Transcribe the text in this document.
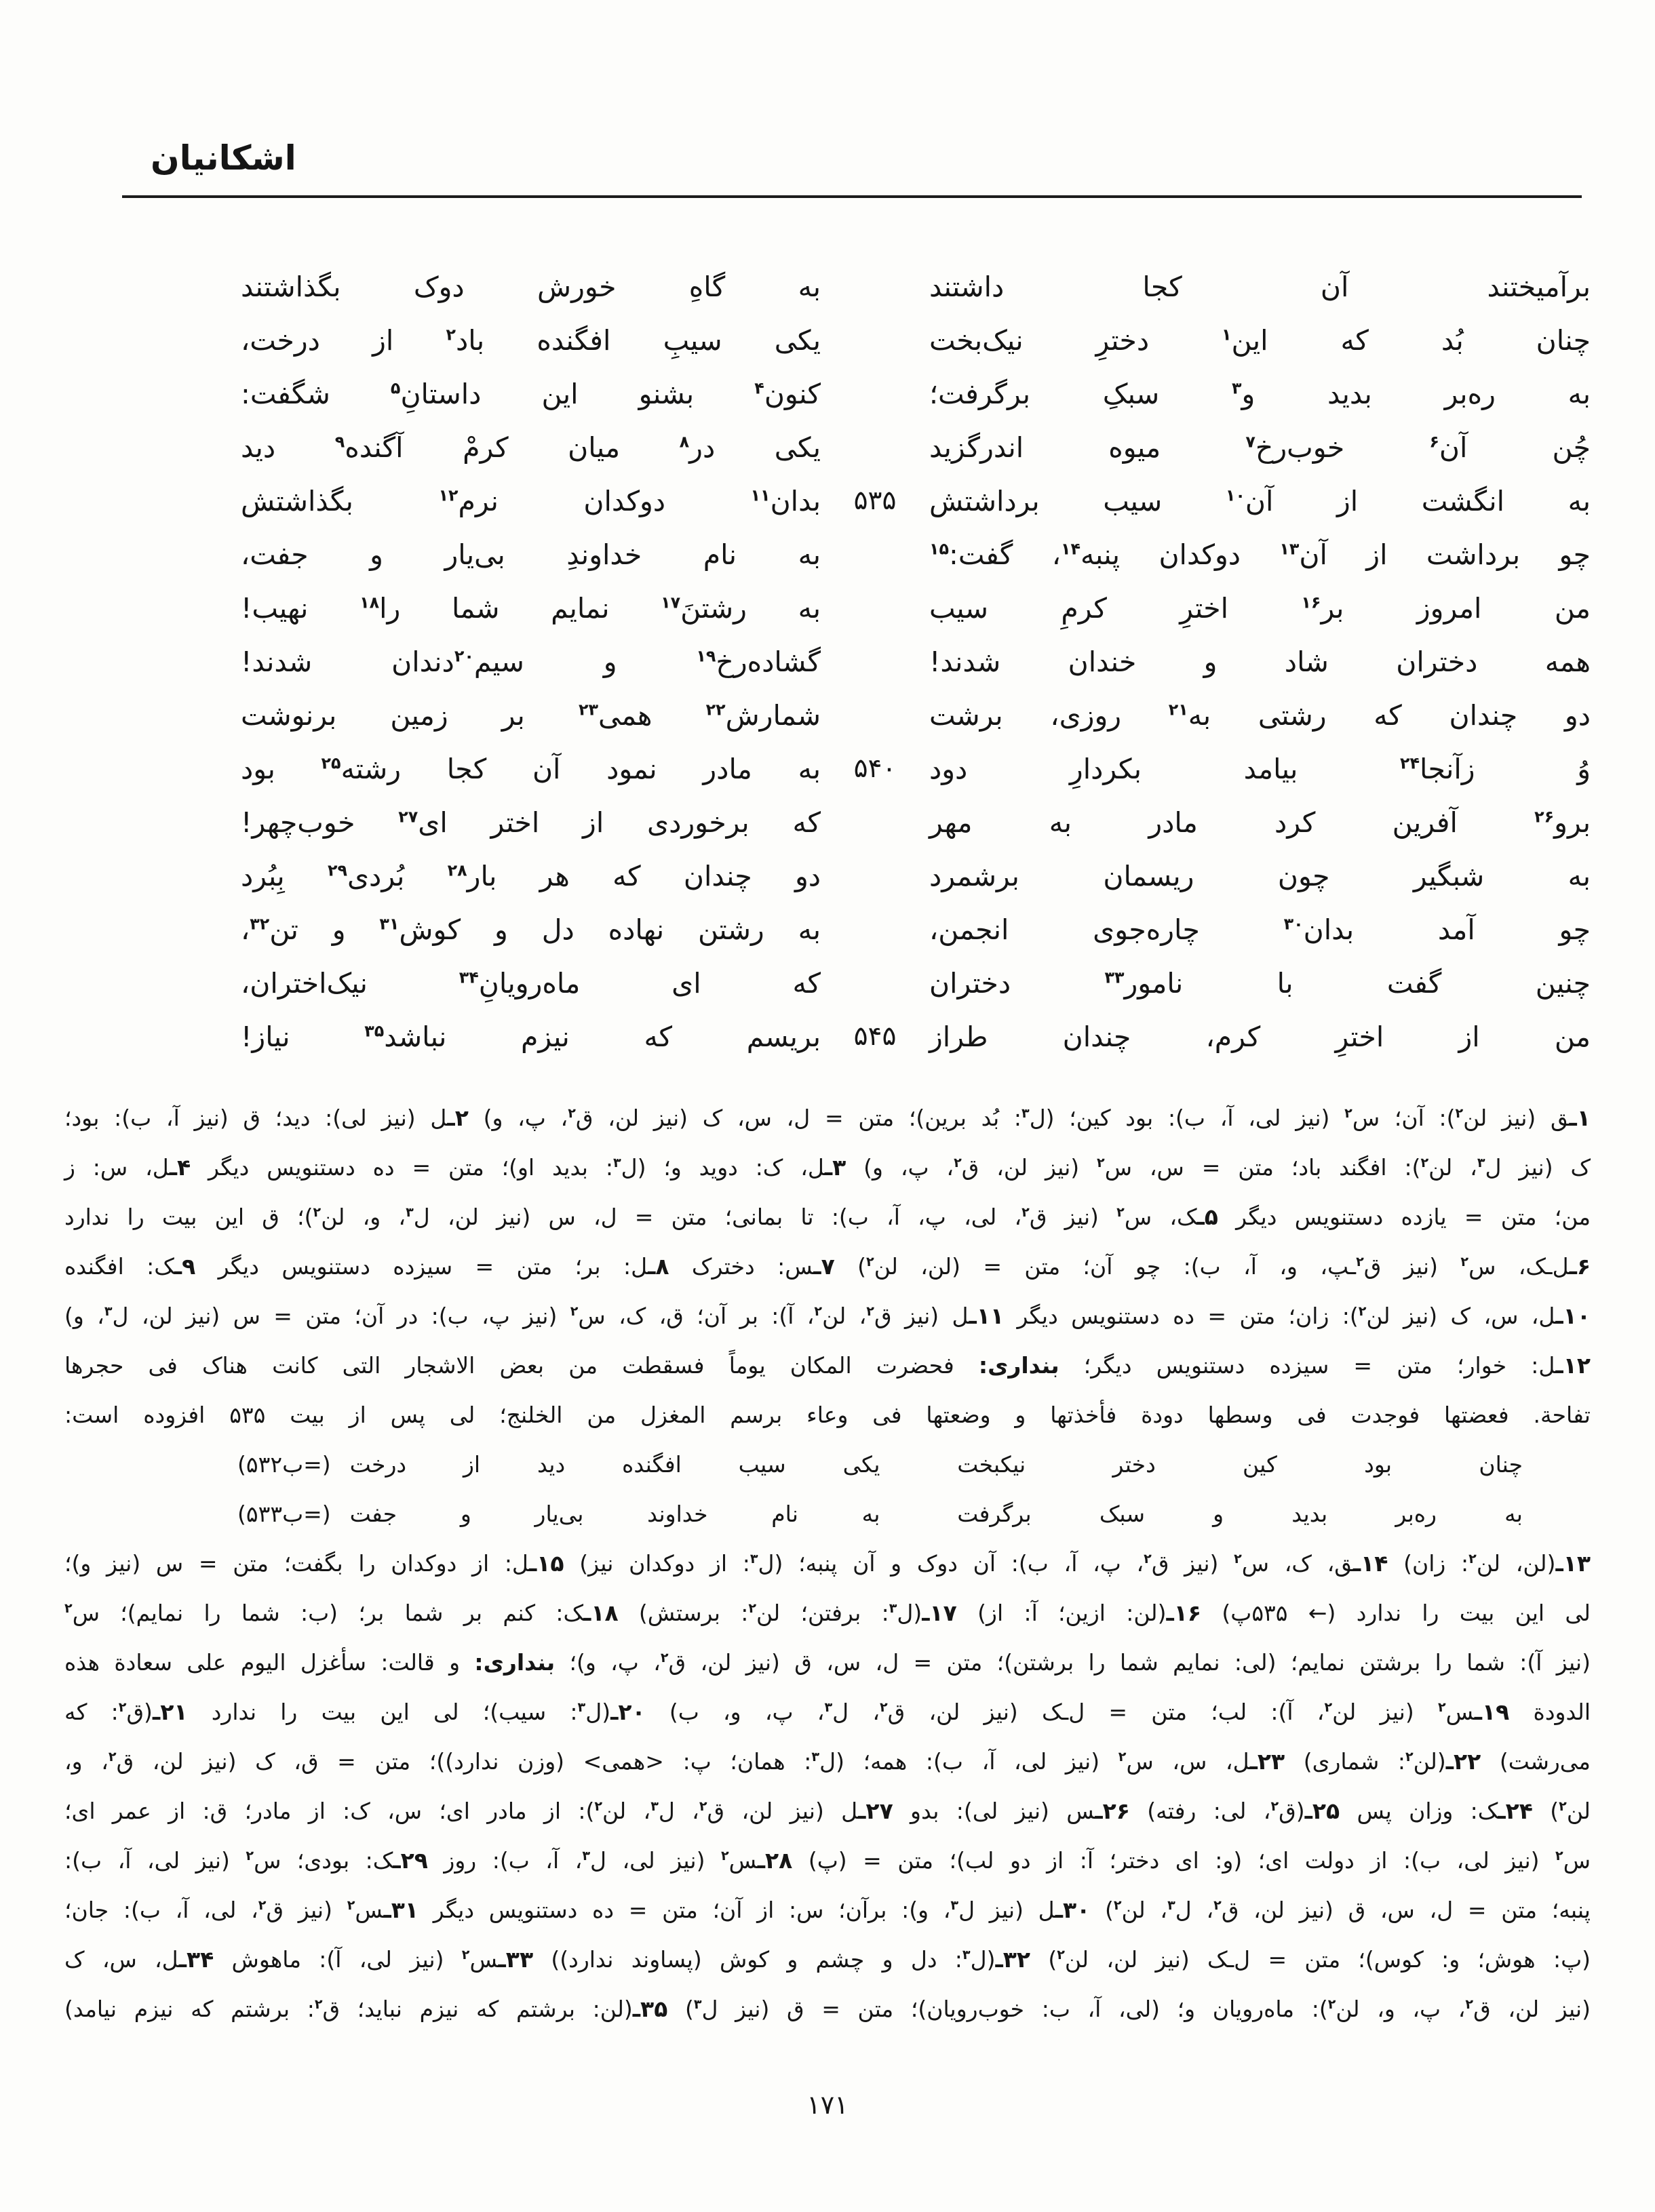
اشکانیان
برآمیختند آن کجا داشتند
به گاهِ خورش دوک بگذاشتند
چنان بُد که این$^۱$ دخترِ نیک‌بخت
یکی سیبِ افگنده باد$^۲$ از درخت،
به ره‌بر بدید و$^۳$ سبکِ برگرفت؛
کنون$^۴$ بشنو این داستانِ$^۵$ شگفت:
چُن آن$^۶$ خوب‌رخ$^۷$ میوه اندرگزید
یکی در$^۸$ میان کرمْ آگنده$^۹$ دید
به انگشت از آن$^{۱۰}$ سیب برداشتش
۵۳۵
بدان$^{۱۱}$ دوکدان نرم$^{۱۲}$ بگذاشتش
چو برداشت از آن$^{۱۳}$ دوکدان پنبه$^{۱۴}$، گفت:$^{۱۵}$
به نام خداوندِ بی‌یار و جفت،
من امروز بر$^{۱۶}$ اخترِ کرمِ سیب
به رشتنَ$^{۱۷}$ نمایم شما را$^{۱۸}$ نهیب!
همه دختران شاد و خندان شدند!
گشاده‌رخ$^{۱۹}$ و سیم$^{۲۰}$دندان شدند!
دو چندان که رشتی به$^{۲۱}$ روزی، برشت
شمارش$^{۲۲}$ همی$^{۲۳}$ بر زمین برنوشت
وُ زآنجا$^{۲۴}$ بیامد بکردارِ دود
۵۴۰
به مادر نمود آن کجا رشته$^{۲۵}$ بود
برو$^{۲۶}$ آفرین کرد مادر به مهر
که برخوردی از اختر ای$^{۲۷}$ خوب‌چهر!
به شبگیر چون ریسمان برشمرد
دو چندان که هر بار$^{۲۸}$ بُردی$^{۲۹}$ بِبُرد
چو آمد بدان$^{۳۰}$ چاره‌جوی انجمن،
به رشتن نهاده دل و کوش$^{۳۱}$ و تن$^{۳۲}$،
چنین گفت با نامور$^{۳۳}$ دختران
که ای ماه‌رویانِ$^{۳۴}$ نیک‌اختران،
من از اخترِ کرم، چندان طراز
۵۴۵
بریسم که نیزم نباشد$^{۳۵}$ نیاز!
۱ـق (نیز لن$^۲$): آن؛ س$^۲$ (نیز لی، آ، ب): بود کین؛ (ل$^۳$: بُد برین)؛ متن = ل، س، ک (نیز لن، ق$^۲$، پ، و) ۲ـل (نیز لی): دید؛ ق (نیز آ، ب): بود؛
ک (نیز ل$^۳$، لن$^۲$): افگند باد؛ متن = س، س$^۲$ (نیز لن، ق$^۲$، پ، و) ۳ـل، ک: دوید و؛ (ل$^۳$: بدید او)؛ متن = ده دستنویس دیگر ۴ـل، س: ز
من؛ متن = یازده دستنویس دیگر ۵ـک، س$^۲$ (نیز ق$^۲$، لی، پ، آ، ب): تا بمانی؛ متن = ل، س (نیز لن، ل$^۳$، و، لن$^۲$)؛ ق این بیت را ندارد
۶ـل‌ـک، س$^۲$ (نیز ق$^۲$ـپ، و، آ، ب): چو آن؛ متن = (لن، لن$^۲$) ۷ـس: دخترک ۸ـل: بر؛ متن = سیزده دستنویس دیگر ۹ـک: افگنده
۱۰ـل، س، ک (نیز لن$^۲$): زان؛ متن = ده دستنویس دیگر ۱۱ـل (نیز ق$^۲$، لن$^۲$، آ): بر آن؛ ق، ک، س$^۲$ (نیز پ، ب): در آن؛ متن = س (نیز لن، ل$^۳$، و)
۱۲ـل: خوار؛ متن = سیزده دستنویس دیگر؛ بنداری: فحضرت المکان یوماً فسقطت من بعض الاشجار التی کانت هناک فی حجرها
تفاحة. فعضتها فوجدت فی وسطها دودة فأخذتها و وضعتها فی وعاء برسم المغزل من الخلنج؛ لی پس از بیت ۵۳۵ افزوده است:
چنان بود کین دختر نیکبخت
یکی سیب افگنده دید از درخت
(=ب۵۳۲)
به ره‌بر بدید و سبک برگرفت
به نام خداوند بی‌یار و جفت
(=ب۵۳۳)
۱۳ـ(لن، لن$^۲$: زان) ۱۴ـق، ک، س$^۲$ (نیز ق$^۲$، پ، آ، ب): آن دوک و آن پنبه؛ (ل$^۳$: از دوکدان نیز) ۱۵ـل: از دوکدان را بگفت؛ متن = س (نیز و)؛
لی این بیت را ندارد (← ۵۳۵پ) ۱۶ـ(لن: ازین؛ آ: از) ۱۷ـ(ل$^۳$: برفتن؛ لن$^۲$: برستش) ۱۸ـک: کنم بر شما بر؛ (ب: شما را نمایم)؛ س$^۲$
(نیز آ): شما را برشتن نمایم؛ (لی: نمایم شما را برشتن)؛ متن = ل، س، ق (نیز لن، ق$^۲$، پ، و)؛ بنداری: و قالت: سأغزل الیوم علی سعادة هذه
الدودة ۱۹ـس$^۲$ (نیز لن$^۲$، آ): لب؛ متن = ل‌ـک (نیز لن، ق$^۲$، ل$^۳$، پ، و، ب) ۲۰ـ(ل$^۳$: سیب)؛ لی این بیت را ندارد ۲۱ـ(ق$^۲$: که
می‌رشت) ۲۲ـ(لن$^۲$: شماری) ۲۳ـل، س، س$^۲$ (نیز لی، آ، ب): همه؛ (ل$^۳$: همان؛ پ: <همی> (وزن ندارد))؛ متن = ق، ک (نیز لن، ق$^۲$، و،
لن$^۲$) ۲۴ـک: وزان پس ۲۵ـ(ق$^۲$، لی: رفته) ۲۶ـس (نیز لی): بدو ۲۷ـل (نیز لن، ق$^۲$، ل$^۳$، لن$^۲$): از مادر ای؛ س، ک: از مادر؛ ق: از عمر ای؛
س$^۲$ (نیز لی، ب): از دولت ای؛ (و: ای دختر؛ آ: از دو لب)؛ متن = (پ) ۲۸ـس$^۲$ (نیز لی، ل$^۳$، آ، ب): روز ۲۹ـک: بودی؛ س$^۲$ (نیز لی، آ، ب):
پنبه؛ متن = ل، س، ق (نیز لن، ق$^۲$، ل$^۳$، لن$^۲$) ۳۰ـل (نیز ل$^۳$، و): برآن؛ س: از آن؛ متن = ده دستنویس دیگر ۳۱ـس$^۲$ (نیز ق$^۲$، لی، آ، ب): جان؛
(پ: هوش؛ و: کوس)؛ متن = ل‌ـک (نیز لن، لن$^۲$) ۳۲ـ(ل$^۳$: دل و چشم و کوش (پساوند ندارد)) ۳۳ـس$^۲$ (نیز لی، آ): ماهوش ۳۴ـل، س، ک
(نیز لن، ق$^۲$، پ، و، لن$^۲$): ماه‌رویان و؛ (لی، آ، ب: خوب‌رویان)؛ متن = ق (نیز ل$^۳$) ۳۵ـ(لن: برشتم که نیزم نباید؛ ق$^۲$: برشتم که نیزم نیامد)
۱۷۱
